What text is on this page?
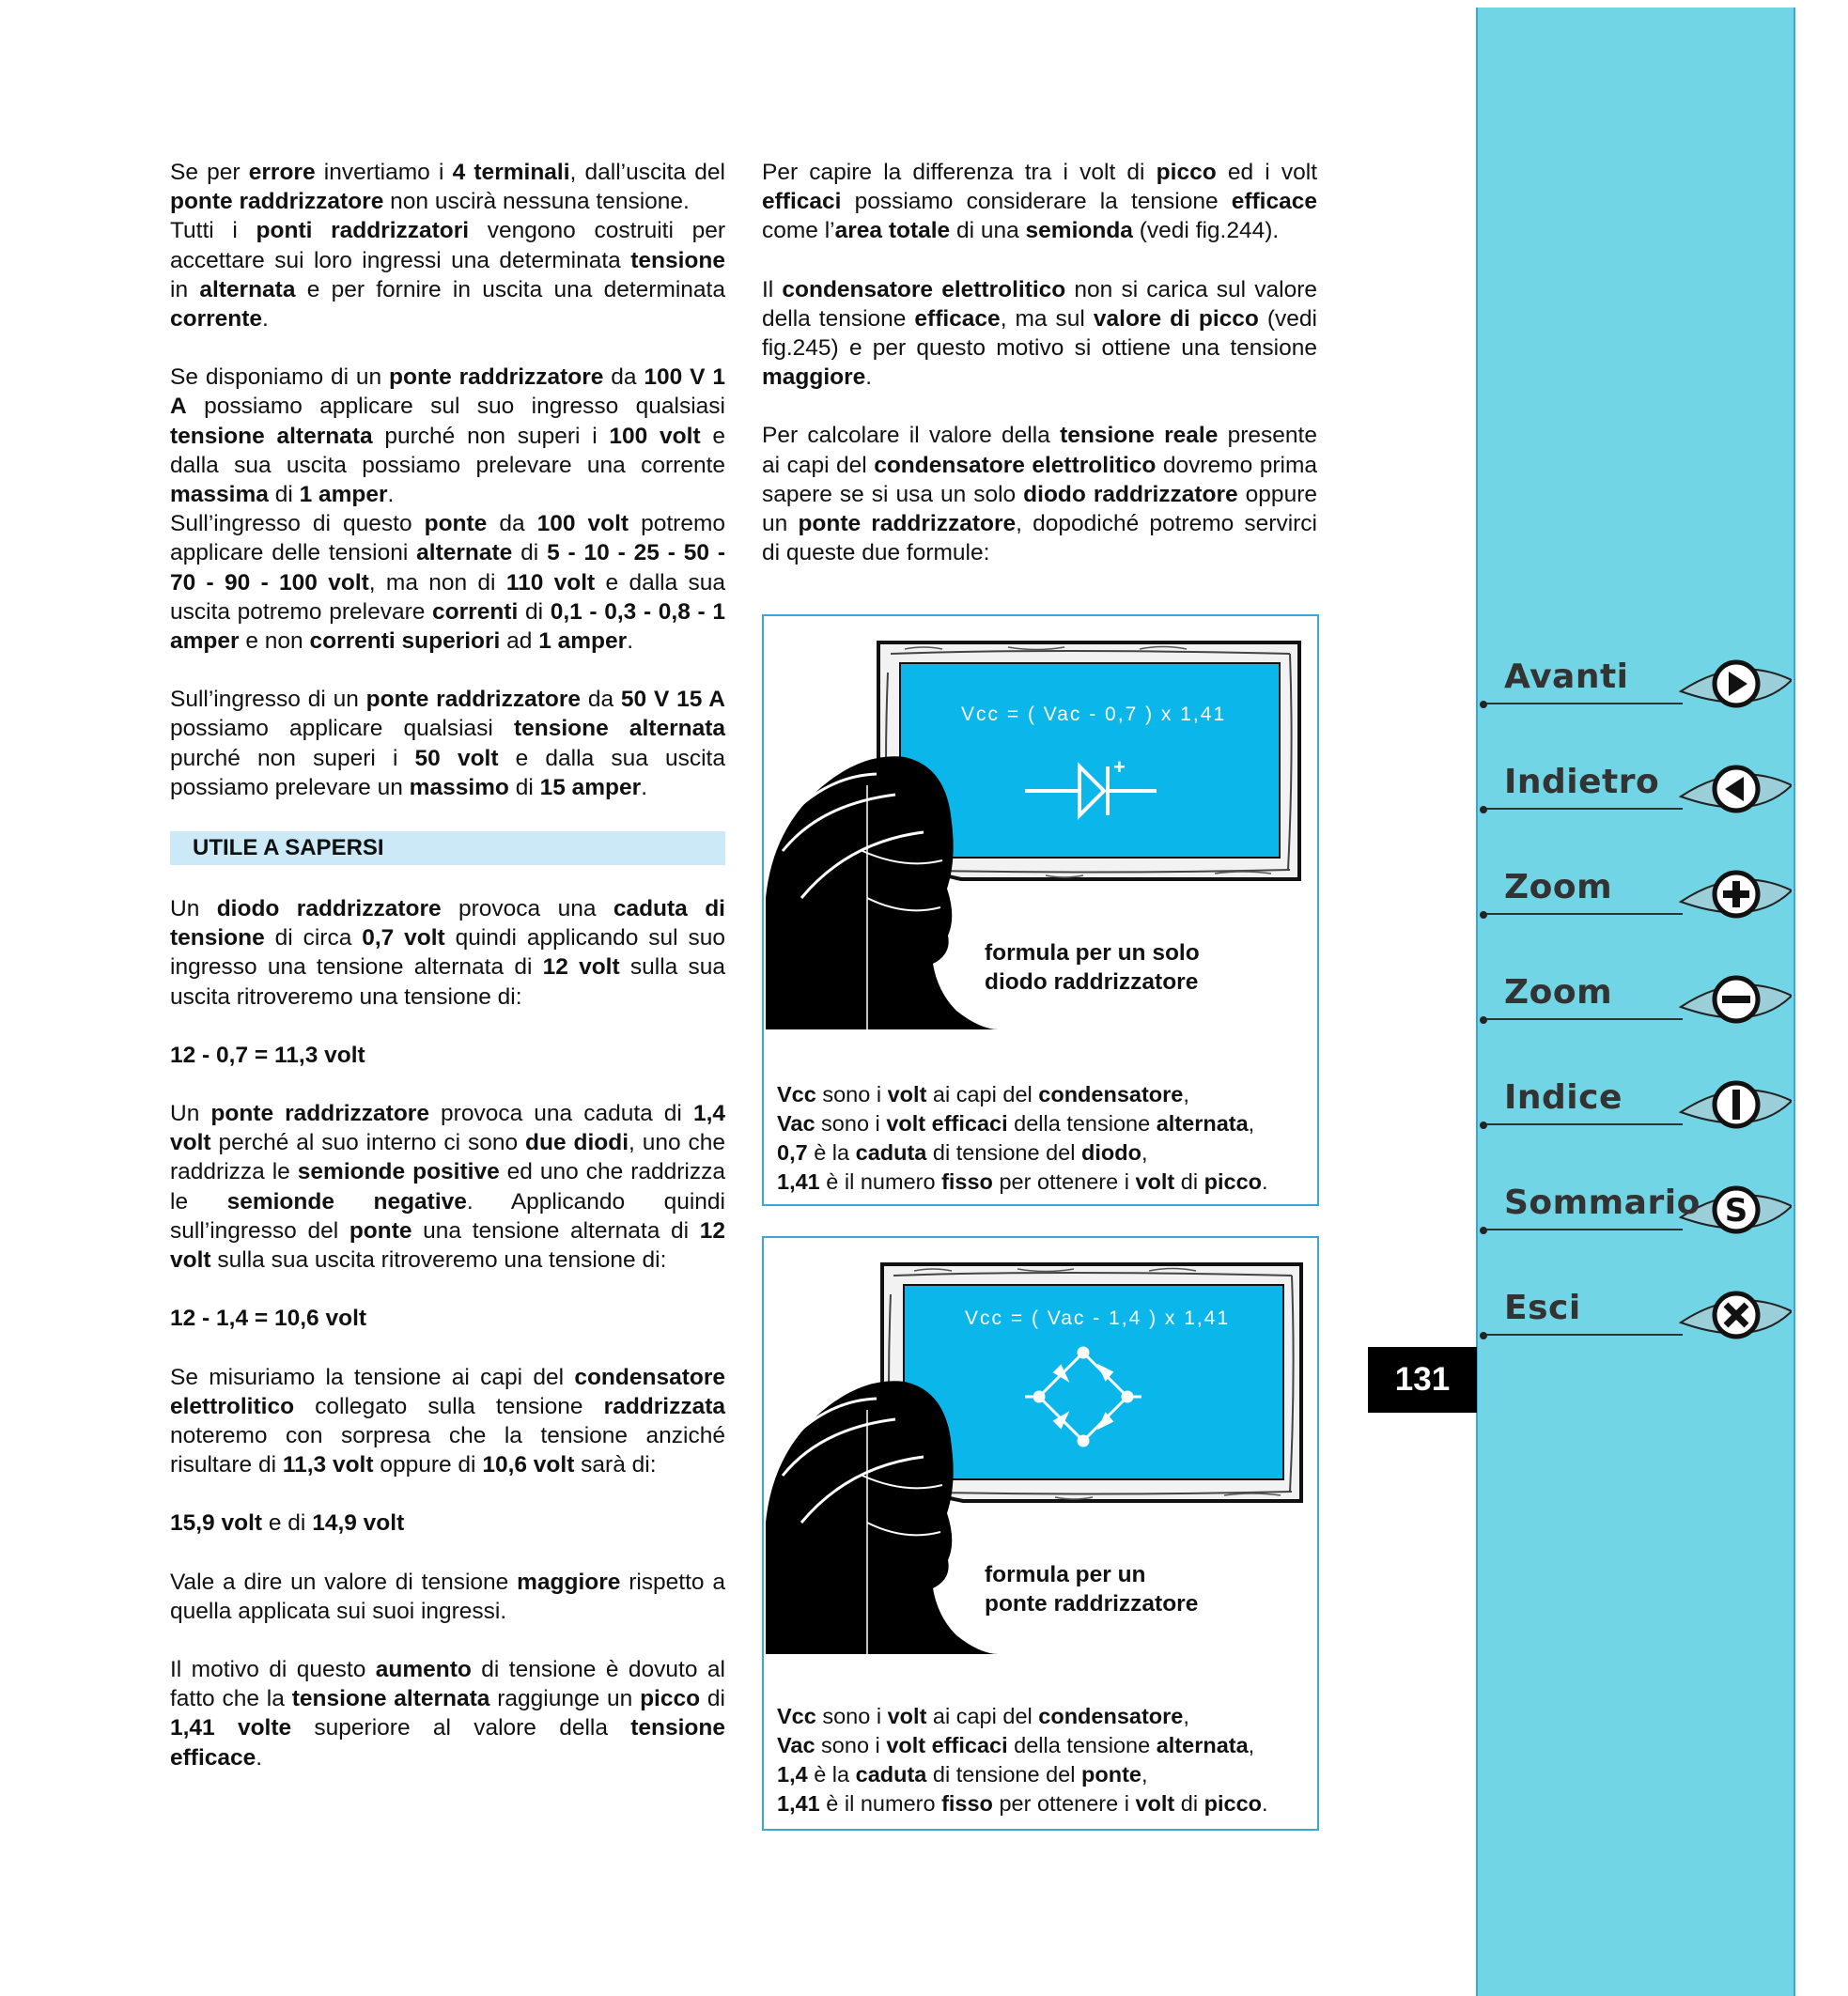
Se per errore invertiamo i 4 terminali, dall’uscita del ponte raddrizzatore non uscirà nessuna tensione.

Tutti i ponti raddrizzatori vengono costruiti per accettare sui loro ingressi una determinata tensione in alternata e per fornire in uscita una determinata corrente.

Se disponiamo di un ponte raddrizzatore da 100 V 1 A possiamo applicare sul suo ingresso qualsiasi tensione alternata purché non superi i 100 volt e dalla sua uscita possiamo prelevare una corrente massima di 1 amper.

Sull’ingresso di questo ponte da 100 volt potremo applicare delle tensioni alternate di 5 - 10 - 25 - 50 - 70 - 90 - 100 volt, ma non di 110 volt e dalla sua uscita potremo prelevare correnti di 0,1 - 0,3 - 0,8 - 1 amper e non correnti superiori ad 1 amper.

Sull’ingresso di un ponte raddrizzatore da 50 V 15 A possiamo applicare qualsiasi tensione alternata purché non superi i 50 volt e dalla sua uscita possiamo prelevare un massimo di 15 amper.

UTILE A SAPERSI

Un diodo raddrizzatore provoca una caduta di tensione di circa 0,7 volt quindi applicando sul suo ingresso una tensione alternata di 12 volt sulla sua uscita ritroveremo una tensione di:

12 - 0,7 = 11,3 volt

Un ponte raddrizzatore provoca una caduta di 1,4 volt perché al suo interno ci sono due diodi, uno che raddrizza le semionde positive ed uno che raddrizza le semionde negative. Applicando quindi sull’ingresso del ponte una tensione alternata di 12 volt sulla sua uscita ritroveremo una tensione di:

12 - 1,4 = 10,6 volt

Se misuriamo la tensione ai capi del condensatore elettrolitico collegato sulla tensione raddrizzata noteremo con sorpresa che la tensione anziché risultare di 11,3 volt oppure di 10,6 volt sarà di:

15,9 volt e di 14,9 volt

Vale a dire un valore di tensione maggiore rispetto a quella applicata sui suoi ingressi.

Il motivo di questo aumento di tensione è dovuto al fatto che la tensione alternata raggiunge un picco di 1,41 volte superiore al valore della tensione efficace.

Per capire la differenza tra i volt di picco ed i volt efficaci possiamo considerare la tensione efficace come l’area totale di una semionda (vedi fig.244).

Il condensatore elettrolitico non si carica sul valore della tensione efficace, ma sul valore di picco (vedi fig.245) e per questo motivo si ottiene una tensione maggiore.

Per calcolare il valore della tensione reale presente ai capi del condensatore elettrolitico dovremo prima sapere se si usa un solo diodo raddrizzatore oppure un ponte raddrizzatore, dopodiché potremo servirci di queste due formule:

Vcc = ( Vac - 0,7 ) x 1,41
+
formula per un solo
diodo raddrizzatore
Vcc sono i volt ai capi del condensatore,
Vac sono i volt efficaci della tensione alternata,
0,7 è la caduta di tensione del diodo,
1,41 è il numero fisso per ottenere i volt di picco.
Vcc = ( Vac - 1,4 ) x 1,41
formula per un
ponte raddrizzatore
Vcc sono i volt ai capi del condensatore,
Vac sono i volt efficaci della tensione alternata,
1,4 è la caduta di tensione del ponte,
1,41 è il numero fisso per ottenere i volt di picco.
Avanti
Indietro
Zoom
Zoom
Indice
S
Sommario
Esci
131
